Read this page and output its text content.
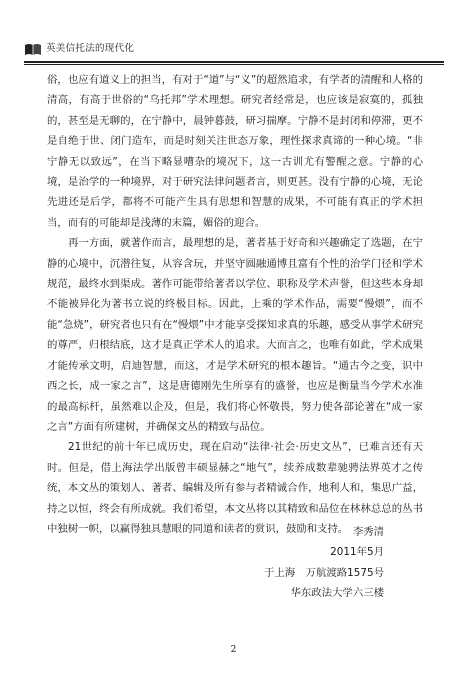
英美信托法的现代化

俗，也应有道义上的担当，有对于“道”与“义”的超然追求，有学者的清醒和人格的清高，有高于世俗的“乌托邦”学术理想。研究者经常是，也应该是寂寞的，孤独的，甚至是无聊的，在宁静中，晨钟暮鼓，研习揣摩。宁静不是封闭和停滞，更不是自绝于世、闭门造车，而是时刻关注世态万象，理性探求真谛的一种心境。“非宁静无以致远”，在当下略显嘈杂的境况下，这一古训尤有警醒之意。宁静的心境，是治学的一种境界，对于研究法律问题者言，则更甚。没有宁静的心境，无论先进还是后学，都将不可能产生具有思想和智慧的成果，不可能有真正的学术担当，而有的可能却是浅薄的末篇，媚俗的迎合。

再一方面，就著作而言，最理想的是，著者基于好奇和兴趣确定了选题，在宁静的心境中，沉潜往复，从容含玩，并坚守圆融通博且富有个性的治学门径和学术规范，最终水到渠成。著作可能带给著者以学位、职称及学术声誉，但这些本身却不能被异化为著书立说的终极目标。因此，上乘的学术作品，需要“慢煨”，而不能“急烧”，研究者也只有在“慢煨”中才能享受探知求真的乐趣，感受从事学术研究的尊严，归根结底，这才是真正学术人的追求。大而言之，也唯有如此，学术成果才能传承文明，启迪智慧，而这，才是学术研究的根本趣旨。“通古今之变，识中西之长，成一家之言”，这是唐德刚先生所享有的盛誉，也应是衡量当今学术水准的最高标杆，虽然难以企及，但是，我们将心怀敬畏，努力使各部论著在“成一家之言”方面有所建树，并确保文丛的精致与品位。

21世纪的前十年已成历史，现在启动“法律·社会·历史文丛”，已难言还有天时。但是，借上海法学出版曾丰硕显赫之“地气”，续养成数辈驰骋法界英才之传统，本文丛的策划人、著者、编辑及所有参与者精诚合作，地利人和，集思广益，持之以恒，终会有所成就。我们希望，本文丛将以其精致和品位在林林总总的丛书中独树一帜，以赢得独具慧眼的同道和读者的赏识，鼓励和支持。 李秀清
2011年5月
于上海　万航渡路1575号
华东政法大学六三楼
2
